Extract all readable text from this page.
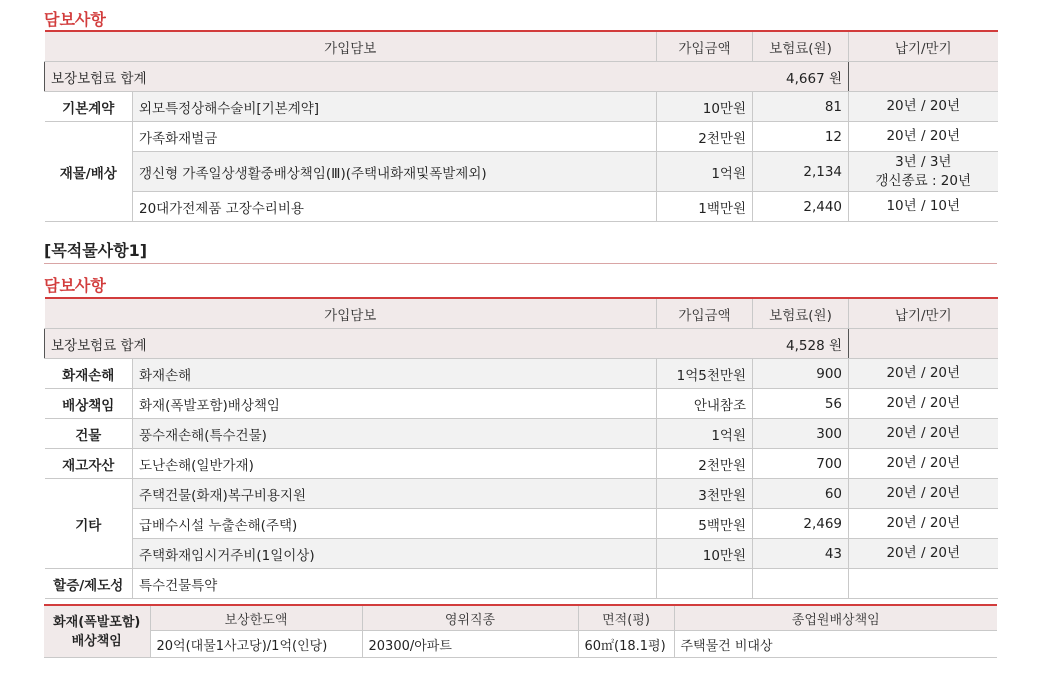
담보사항
가입담보		가입금액	보험료(원)	납기/만기
보장보험료 합계			4,667 원	
기본계약	외모특정상해수술비[기본계약]	10만원	81	20년 / 20년
재물/배상	가족화재벌금	2천만원	12	20년 / 20년
	갱신형 가족일상생활중배상책임(Ⅲ)(주택내화재및폭발제외)	1억원	2,134	3년 / 3년
갱신종료 : 20년

	20대가전제품 고장수리비용	1백만원	2,440	10년 / 10년
[목적물사항1]
담보사항
가입담보		가입금액	보험료(원)	납기/만기
보장보험료 합계			4,528 원	
화재손해	화재손해	1억5천만원	900	20년 / 20년
배상책임	화재(폭발포함)배상책임	안내참조	56	20년 / 20년
건물	풍수재손해(특수건물)	1억원	300	20년 / 20년
재고자산	도난손해(일반가재)	2천만원	700	20년 / 20년
기타	주택건물(화재)복구비용지원	3천만원	60	20년 / 20년
	급배수시설 누출손해(주택)	5백만원	2,469	20년 / 20년
	주택화재임시거주비(1일이상)	10만원	43	20년 / 20년
할증/제도성	특수건물특약			
화재(폭발포함)
배상책임	보상한도액	영위직종	면적(평)	종업원배상책임
	20억(대물1사고당)/1억(인당)	20300/아파트	60㎡(18.1평)	주택물건 비대상
